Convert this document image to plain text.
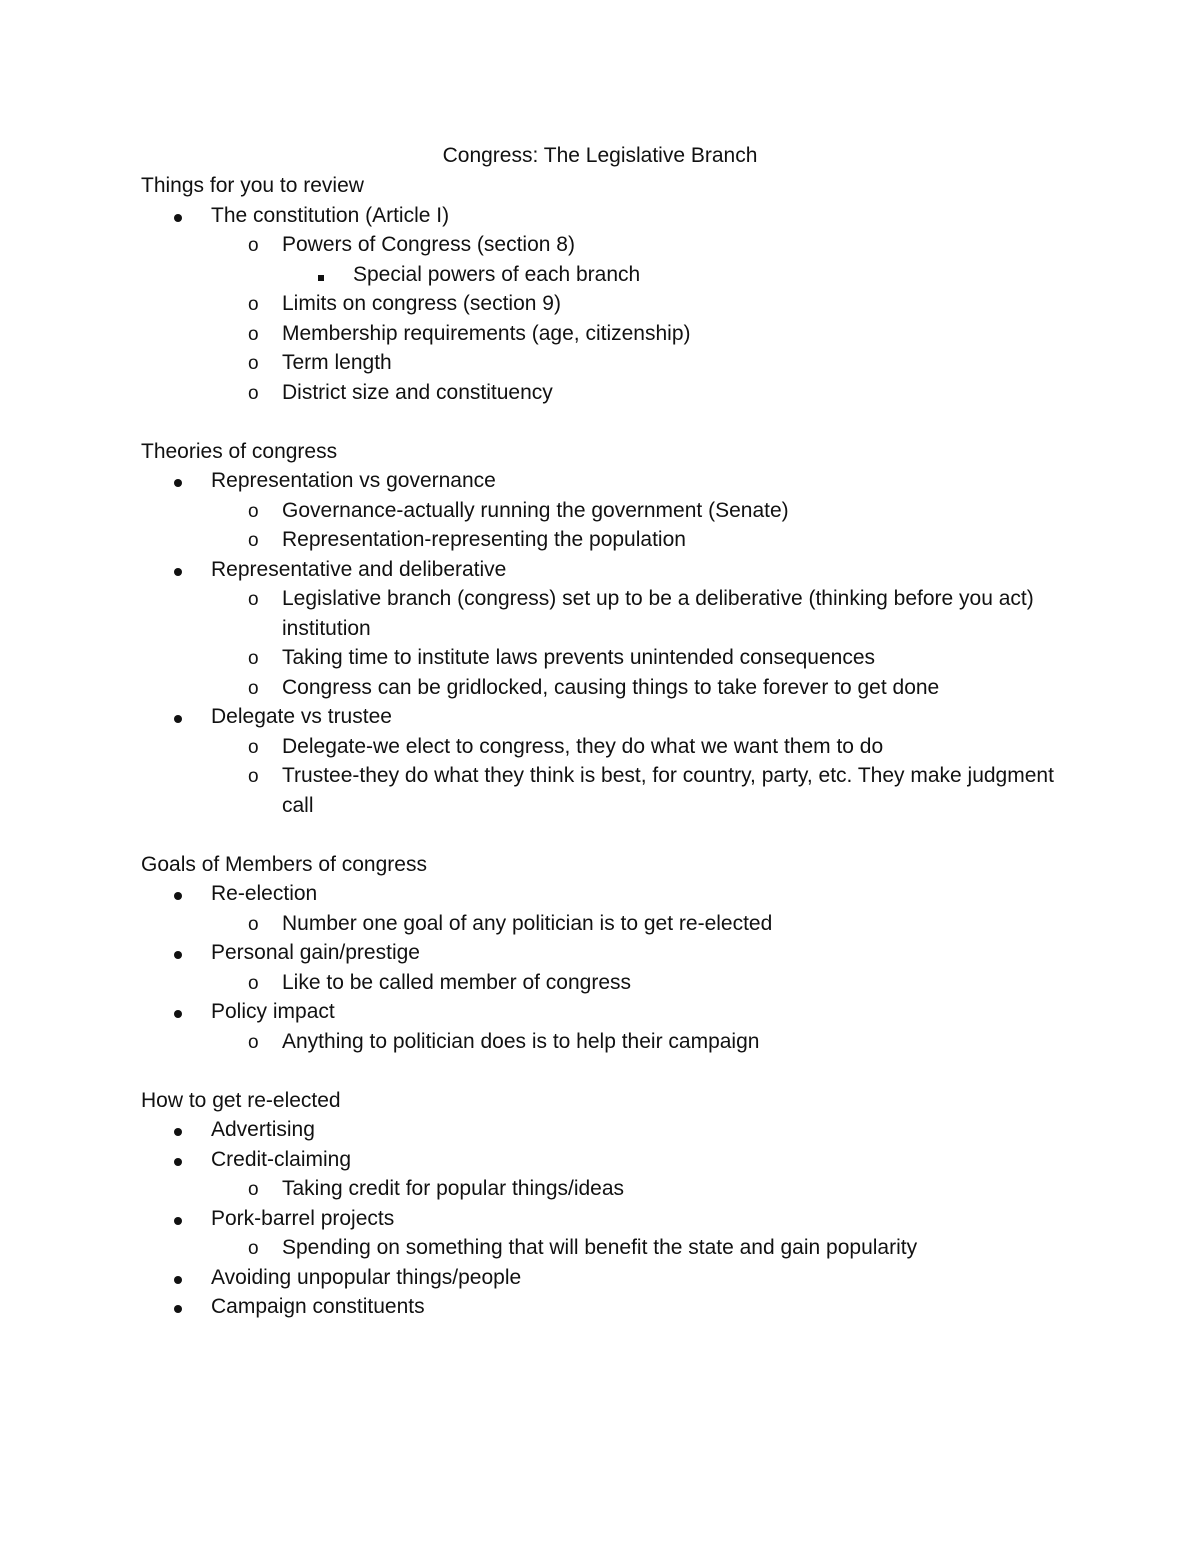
Congress: The Legislative Branch
Things for you to review
The constitution (Article I)
o Powers of Congress (section 8)
Special powers of each branch
o Limits on congress (section 9)
o Membership requirements (age, citizenship)
o Term length
o District size and constituency
Theories of congress
Representation vs governance
o Governance-actually running the government (Senate)
o Representation-representing the population
Representative and deliberative
o Legislative branch (congress) set up to be a deliberative (thinking before you act) institution
o Taking time to institute laws prevents unintended consequences
o Congress can be gridlocked, causing things to take forever to get done
Delegate vs trustee
o Delegate-we elect to congress, they do what we want them to do
o Trustee-they do what they think is best, for country, party, etc. They make judgment call
Goals of Members of congress
Re-election
o Number one goal of any politician is to get re-elected
Personal gain/prestige
o Like to be called member of congress
Policy impact
o Anything to politician does is to help their campaign
How to get re-elected
Advertising
Credit-claiming
o Taking credit for popular things/ideas
Pork-barrel projects
o Spending on something that will benefit the state and gain popularity
Avoiding unpopular things/people
Campaign constituents
